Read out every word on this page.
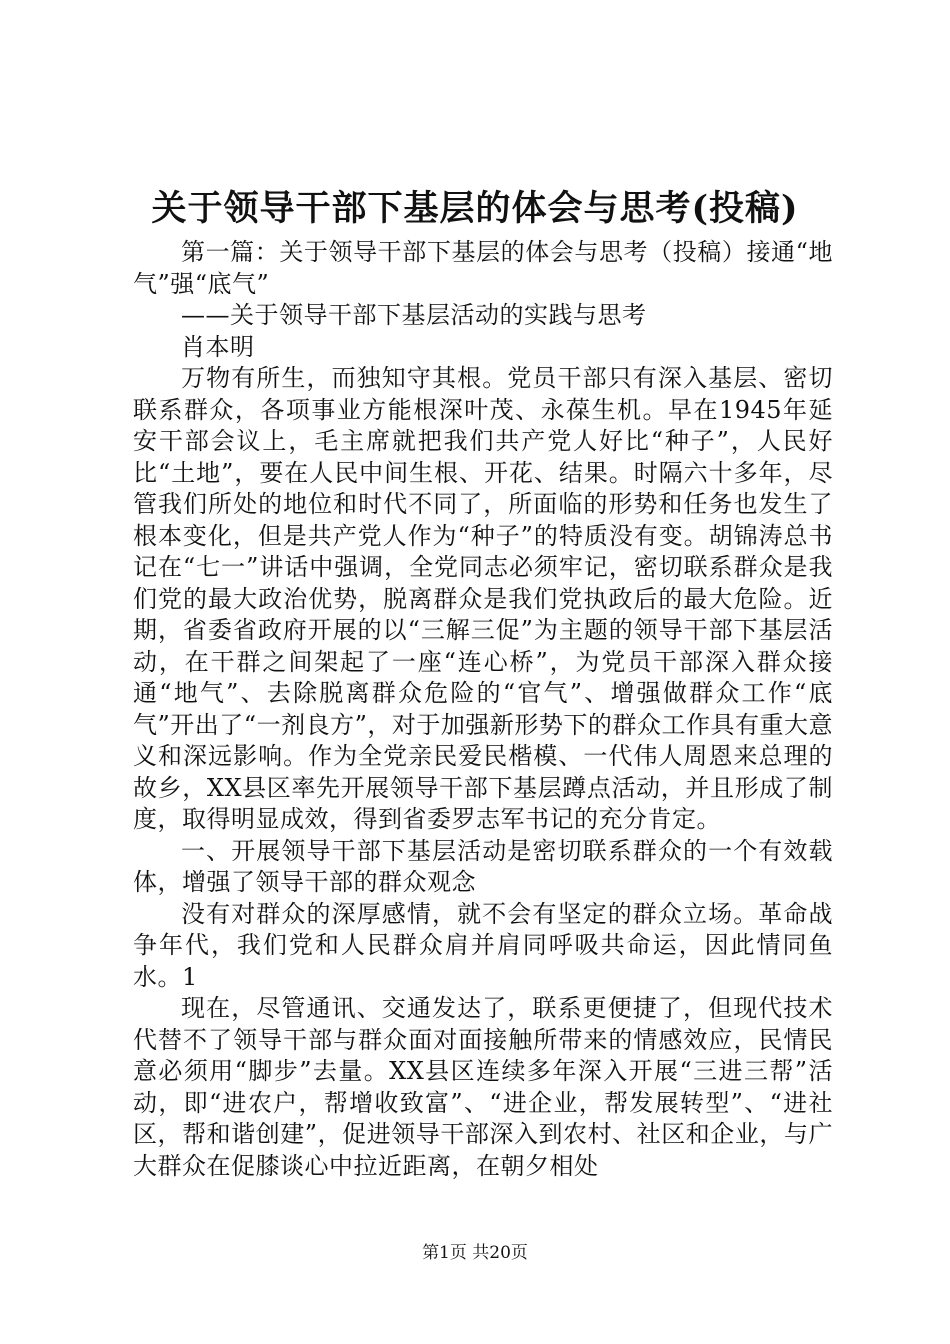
关于领导干部下基层的体会与思考(投稿)

第一篇：关于领导干部下基层的体会与思考（投稿）接通“地气”强“底气”

——关于领导干部下基层活动的实践与思考

肖本明

万物有所生，而独知守其根。党员干部只有深入基层、密切联系群众，各项事业方能根深叶茂、永葆生机。早在1945年延安干部会议上，毛主席就把我们共产党人好比“种子”，人民好比“土地”，要在人民中间生根、开花、结果。时隔六十多年，尽管我们所处的地位和时代不同了，所面临的形势和任务也发生了根本变化，但是共产党人作为“种子”的特质没有变。胡锦涛总书记在“七一”讲话中强调，全党同志必须牢记，密切联系群众是我们党的最大政治优势，脱离群众是我们党执政后的最大危险。近期，省委省政府开展的以“三解三促”为主题的领导干部下基层活动，在干群之间架起了一座“连心桥”，为党员干部深入群众接通“地气”、去除脱离群众危险的“官气”、增强做群众工作“底气”开出了“一剂良方”，对于加强新形势下的群众工作具有重大意义和深远影响。作为全党亲民爱民楷模、一代伟人周恩来总理的故乡，XX县区率先开展领导干部下基层蹲点活动，并且形成了制度，取得明显成效，得到省委罗志军书记的充分肯定。

一、开展领导干部下基层活动是密切联系群众的一个有效载体，增强了领导干部的群众观念

没有对群众的深厚感情，就不会有坚定的群众立场。革命战争年代，我们党和人民群众肩并肩同呼吸共命运，因此情同鱼水。1

现在，尽管通讯、交通发达了，联系更便捷了，但现代技术代替不了领导干部与群众面对面接触所带来的情感效应，民情民意必须用“脚步”去量。XX县区连续多年深入开展“三进三帮”活动，即“进农户，帮增收致富”、“进企业，帮发展转型”、“进社区，帮和谐创建”，促进领导干部深入到农村、社区和企业，与广大群众在促膝谈心中拉近距离，在朝夕相处

第1页 共20页
